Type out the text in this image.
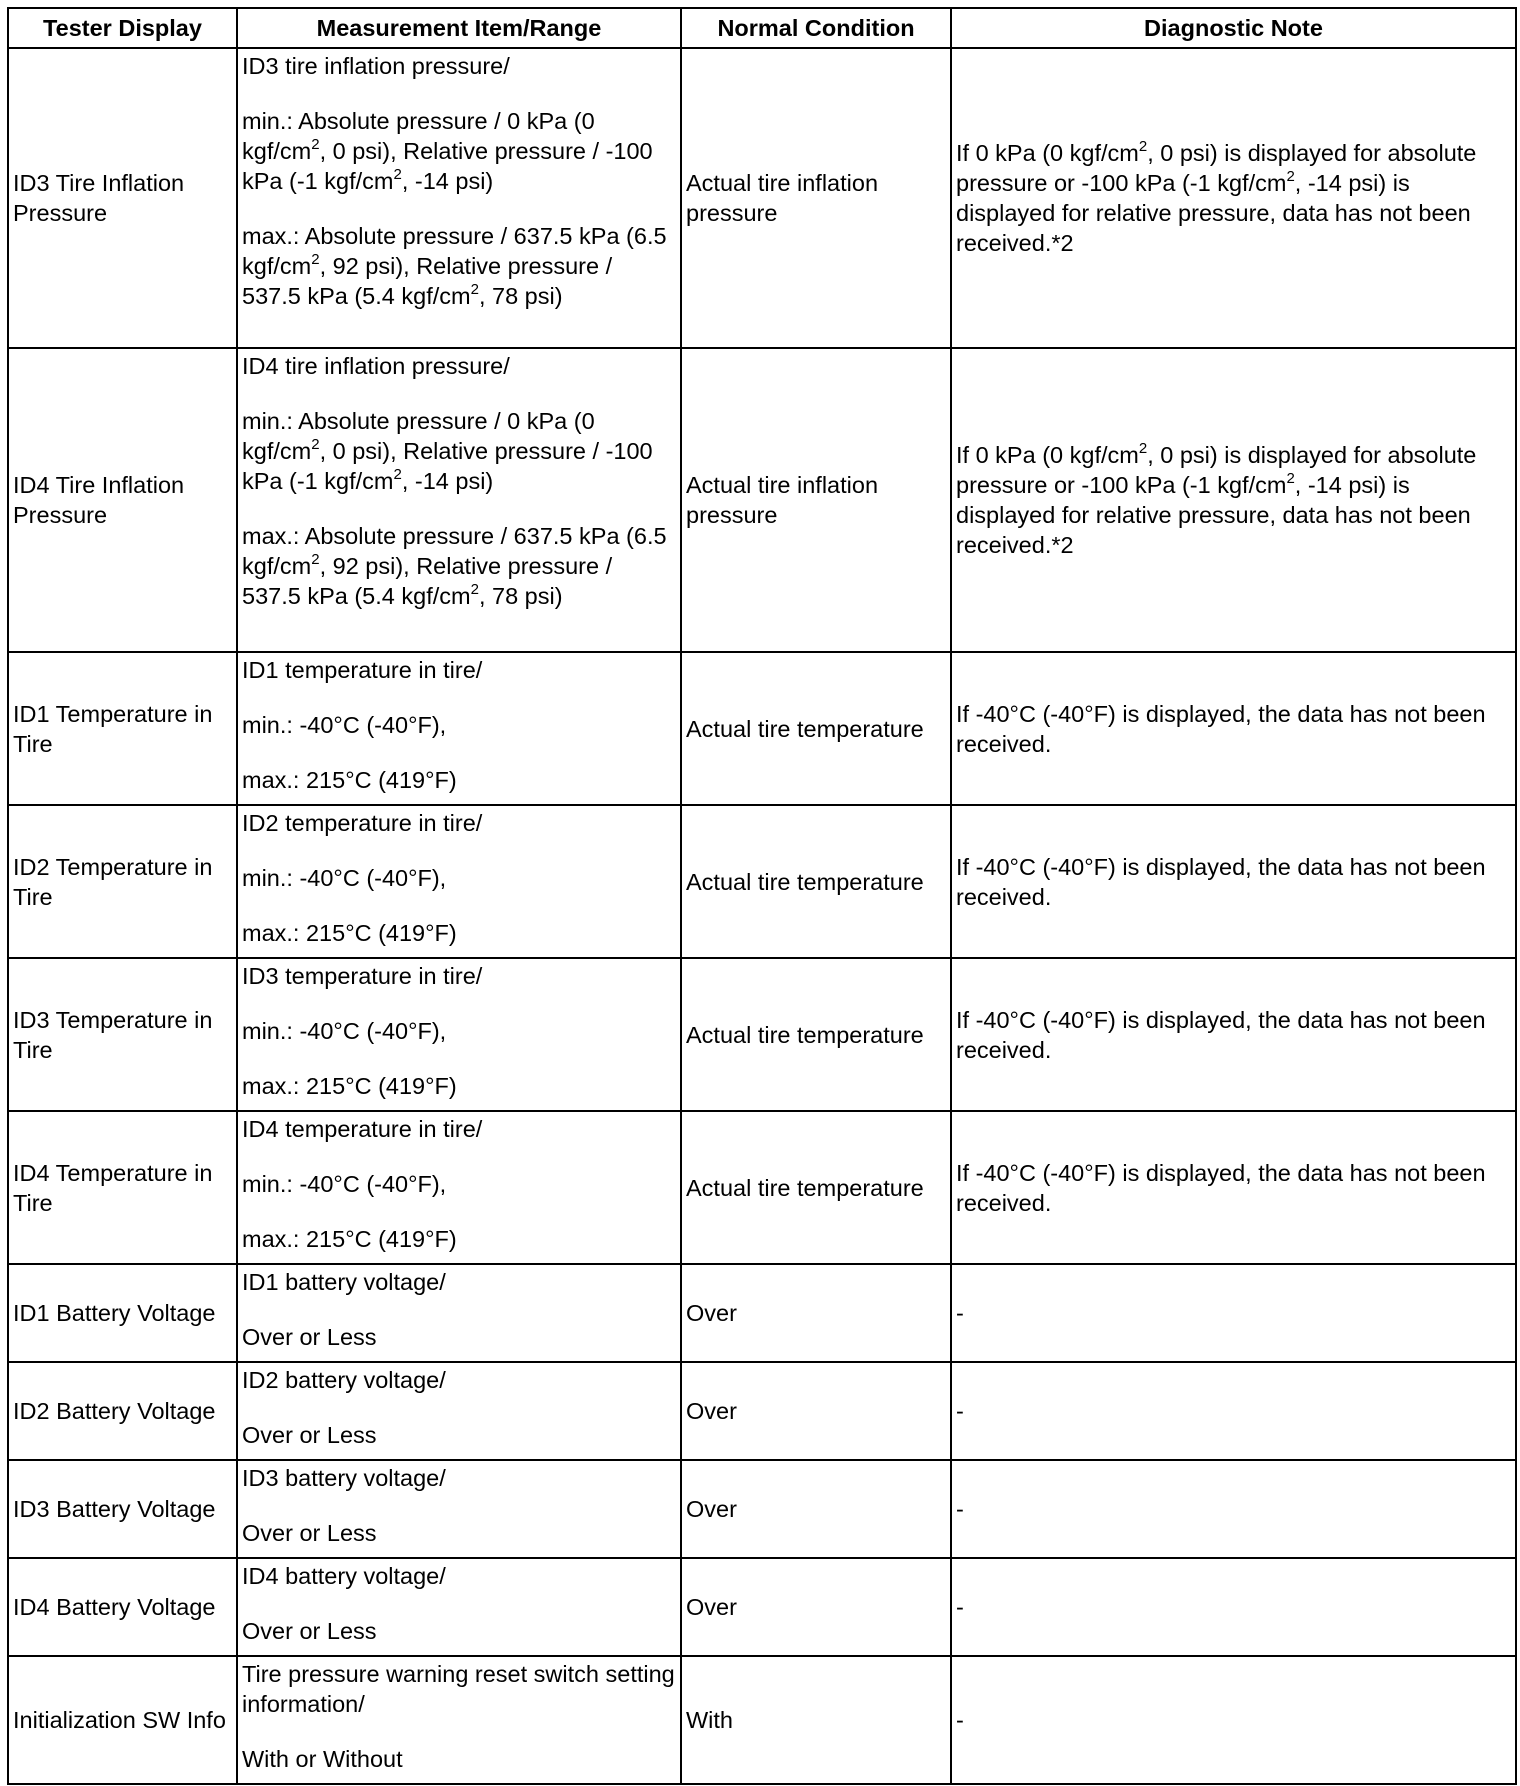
Tester Display	Measurement Item/Range	Normal Condition	Diagnostic Note
ID3 Tire Inflation Pressure	ID3 tire inflation pressure/

min.: Absolute pressure / 0 kPa (0 kgf/$cm^2$, 0 psi), Relative pressure / -100 kPa (-1 kgf/$cm^2$, -14 psi)

max.: Absolute pressure / 637.5 kPa (6.5 kgf/$cm^2$, 92 psi), Relative pressure / 537.5 kPa (5.4 kgf/$cm^2$, 78 psi)	Actual tire inflation pressure	If 0 kPa (0 kgf/$cm^2$, 0 psi) is displayed for absolute pressure or -100 kPa (-1 kgf/$cm^2$, -14 psi) is displayed for relative pressure, data has not been received.*2
ID4 Tire Inflation Pressure	ID4 tire inflation pressure/

min.: Absolute pressure / 0 kPa (0 kgf/$cm^2$, 0 psi), Relative pressure / -100 kPa (-1 kgf/$cm^2$, -14 psi)

max.: Absolute pressure / 637.5 kPa (6.5 kgf/$cm^2$, 92 psi), Relative pressure / 537.5 kPa (5.4 kgf/$cm^2$, 78 psi)	Actual tire inflation pressure	If 0 kPa (0 kgf/$cm^2$, 0 psi) is displayed for absolute pressure or -100 kPa (-1 kgf/$cm^2$, -14 psi) is displayed for relative pressure, data has not been received.*2
ID1 Temperature in Tire	ID1 temperature in tire/

min.: -40°C (-40°F),

max.: 215°C (419°F)	Actual tire temperature	If -40°C (-40°F) is displayed, the data has not been received.
ID2 Temperature in Tire	ID2 temperature in tire/

min.: -40°C (-40°F),

max.: 215°C (419°F)	Actual tire temperature	If -40°C (-40°F) is displayed, the data has not been received.
ID3 Temperature in Tire	ID3 temperature in tire/

min.: -40°C (-40°F),

max.: 215°C (419°F)	Actual tire temperature	If -40°C (-40°F) is displayed, the data has not been received.
ID4 Temperature in Tire	ID4 temperature in tire/

min.: -40°C (-40°F),

max.: 215°C (419°F)	Actual tire temperature	If -40°C (-40°F) is displayed, the data has not been received.
ID1 Battery Voltage	ID1 battery voltage/

Over or Less	Over	-
ID2 Battery Voltage	ID2 battery voltage/

Over or Less	Over	-
ID3 Battery Voltage	ID3 battery voltage/

Over or Less	Over	-
ID4 Battery Voltage	ID4 battery voltage/

Over or Less	Over	-
Initialization SW Info	Tire pressure warning reset switch setting information/

With or Without	With	-
